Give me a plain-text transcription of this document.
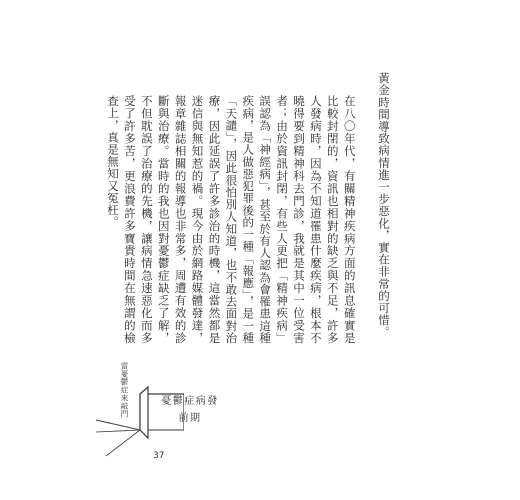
黃金時間導致病情進一步惡化，實在非常的可惜。

在八〇年代，有關精神疾病方面的訊息確實是比較封閉的，資訊也相對的缺乏與不足，許多人發病時，因為不知道罹患什麼疾病，根本不曉得要到精神科去門診，我就是其中一位受害者；由於資訊封閉，有些人更把「精神疾病」誤認為「神經病」，甚至於有人認為會罹患這種疾病，是人做惡犯罪後的一種「報應」，是一種「天譴」，因此很怕別人知道，也不敢去面對治療，因此延誤了許多診治的時機，這當然都是迷信與無知惹的禍。現今由於網路媒體發達，報章雜誌相關的報導也非常多，周遭有效的診斷與治療。當時的我也因對憂鬱症缺乏了解，不但耽誤了治療的先機，讓病情急速惡化而多受了許多苦，更浪費許多寶貴時間在無謂的檢查上，真是無知又冤枉。

當憂鬱症來敲門	憂鬱症病發
前期
37
